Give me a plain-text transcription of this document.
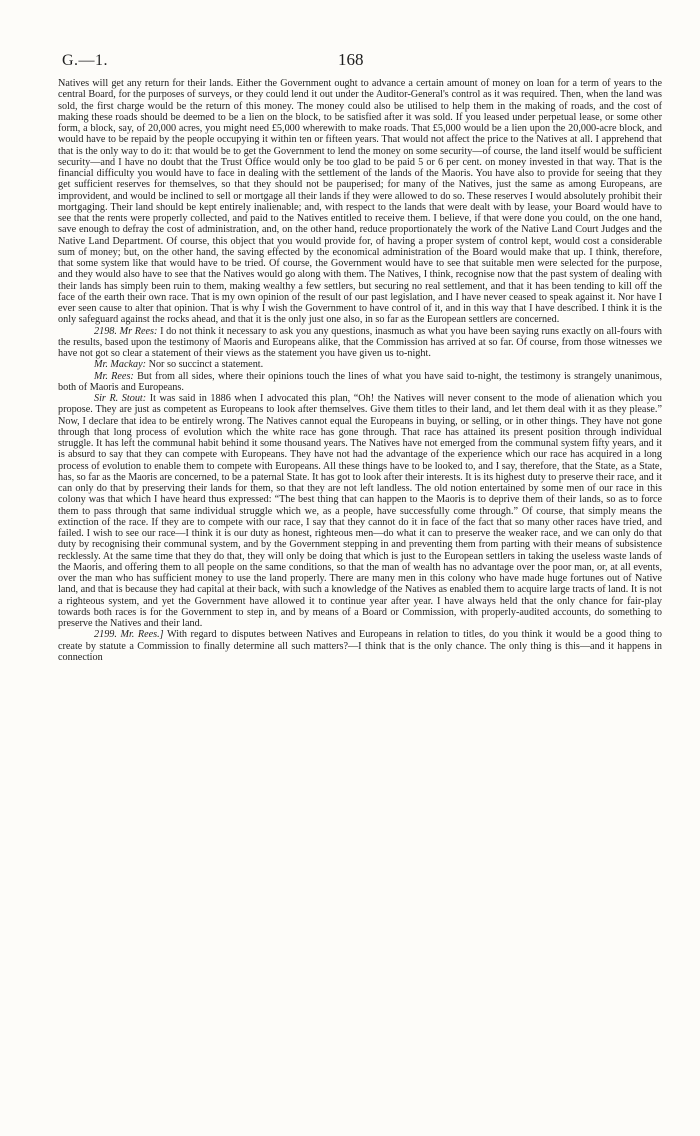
G.—1.	168

Natives will get any return for their lands. Either the Government ought to advance a certain amount of money on loan for a term of years to the central Board, for the purposes of surveys, or they could lend it out under the Auditor-General's control as it was required. Then, when the land was sold, the first charge would be the return of this money. The money could also be utilised to help them in the making of roads, and the cost of making these roads should be deemed to be a lien on the block, to be satisfied after it was sold. If you leased under perpetual lease, or some other form, a block, say, of 20,000 acres, you might need £5,000 wherewith to make roads. That £5,000 would be a lien upon the 20,000-acre block, and would have to be repaid by the people occupying it within ten or fifteen years. That would not affect the price to the Natives at all. I apprehend that that is the only way to do it: that would be to get the Government to lend the money on some security—of course, the land itself would be sufficient security—and I have no doubt that the Trust Office would only be too glad to be paid 5 or 6 per cent. on money invested in that way. That is the financial difficulty you would have to face in dealing with the settlement of the lands of the Maoris. You have also to provide for seeing that they get sufficient reserves for themselves, so that they should not be pauperised; for many of the Natives, just the same as among Europeans, are improvident, and would be inclined to sell or mortgage all their lands if they were allowed to do so. These reserves I would absolutely prohibit their mortgaging. Their land should be kept entirely inalienable; and, with respect to the lands that were dealt with by lease, your Board would have to see that the rents were properly collected, and paid to the Natives entitled to receive them. I believe, if that were done you could, on the one hand, save enough to defray the cost of administration, and, on the other hand, reduce proportionately the work of the Native Land Court Judges and the Native Land Department. Of course, this object that you would provide for, of having a proper system of control kept, would cost a considerable sum of money; but, on the other hand, the saving effected by the economical administration of the Board would make that up. I think, therefore, that some system like that would have to be tried. Of course, the Government would have to see that suitable men were selected for the purpose, and they would also have to see that the Natives would go along with them. The Natives, I think, recognise now that the past system of dealing with their lands has simply been ruin to them, making wealthy a few settlers, but securing no real settlement, and that it has been tending to kill off the face of the earth their own race. That is my own opinion of the result of our past legislation, and I have never ceased to speak against it. Nor have I ever seen cause to alter that opinion. That is why I wish the Government to have control of it, and in this way that I have described. I think it is the only safeguard against the rocks ahead, and that it is the only just one also, in so far as the European settlers are concerned.

2198. Mr Rees: I do not think it necessary to ask you any questions, inasmuch as what you have been saying runs exactly on all-fours with the results, based upon the testimony of Maoris and Europeans alike, that the Commission has arrived at so far. Of course, from those witnesses we have not got so clear a statement of their views as the statement you have given us to-night.

Mr. Mackay: Nor so succinct a statement.

Mr. Rees: But from all sides, where their opinions touch the lines of what you have said to-night, the testimony is strangely unanimous, both of Maoris and Europeans.

Sir R. Stout: It was said in 1886 when I advocated this plan, “Oh! the Natives will never consent to the mode of alienation which you propose. They are just as competent as Europeans to look after themselves. Give them titles to their land, and let them deal with it as they please.” Now, I declare that idea to be entirely wrong. The Natives cannot equal the Europeans in buying, or selling, or in other things. They have not gone through that long process of evolution which the white race has gone through. That race has attained its present position through individual struggle. It has left the communal habit behind it some thousand years. The Natives have not emerged from the communal system fifty years, and it is absurd to say that they can compete with Europeans. They have not had the advantage of the experience which our race has acquired in a long process of evolution to enable them to compete with Europeans. All these things have to be looked to, and I say, therefore, that the State, as a State, has, so far as the Maoris are concerned, to be a paternal State. It has got to look after their interests. It is its highest duty to preserve their race, and it can only do that by preserving their lands for them, so that they are not left landless. The old notion entertained by some men of our race in this colony was that which I have heard thus expressed: “The best thing that can happen to the Maoris is to deprive them of their lands, so as to force them to pass through that same individual struggle which we, as a people, have successfully come through.” Of course, that simply means the extinction of the race. If they are to compete with our race, I say that they cannot do it in face of the fact that so many other races have tried, and failed. I wish to see our race—I think it is our duty as honest, righteous men—do what it can to preserve the weaker race, and we can only do that duty by recognising their communal system, and by the Government stepping in and preventing them from parting with their means of subsistence recklessly. At the same time that they do that, they will only be doing that which is just to the European settlers in taking the useless waste lands of the Maoris, and offering them to all people on the same conditions, so that the man of wealth has no advantage over the poor man, or, at all events, over the man who has sufficient money to use the land properly. There are many men in this colony who have made huge fortunes out of Native land, and that is because they had capital at their back, with such a knowledge of the Natives as enabled them to acquire large tracts of land. It is not a righteous system, and yet the Government have allowed it to continue year after year. I have always held that the only chance for fair-play towards both races is for the Government to step in, and by means of a Board or Commission, with properly-audited accounts, do something to preserve the Natives and their land.

2199. Mr. Rees.] With regard to disputes between Natives and Europeans in relation to titles, do you think it would be a good thing to create by statute a Commission to finally determine all such matters?—I think that is the only chance. The only thing is this—and it happens in connection
